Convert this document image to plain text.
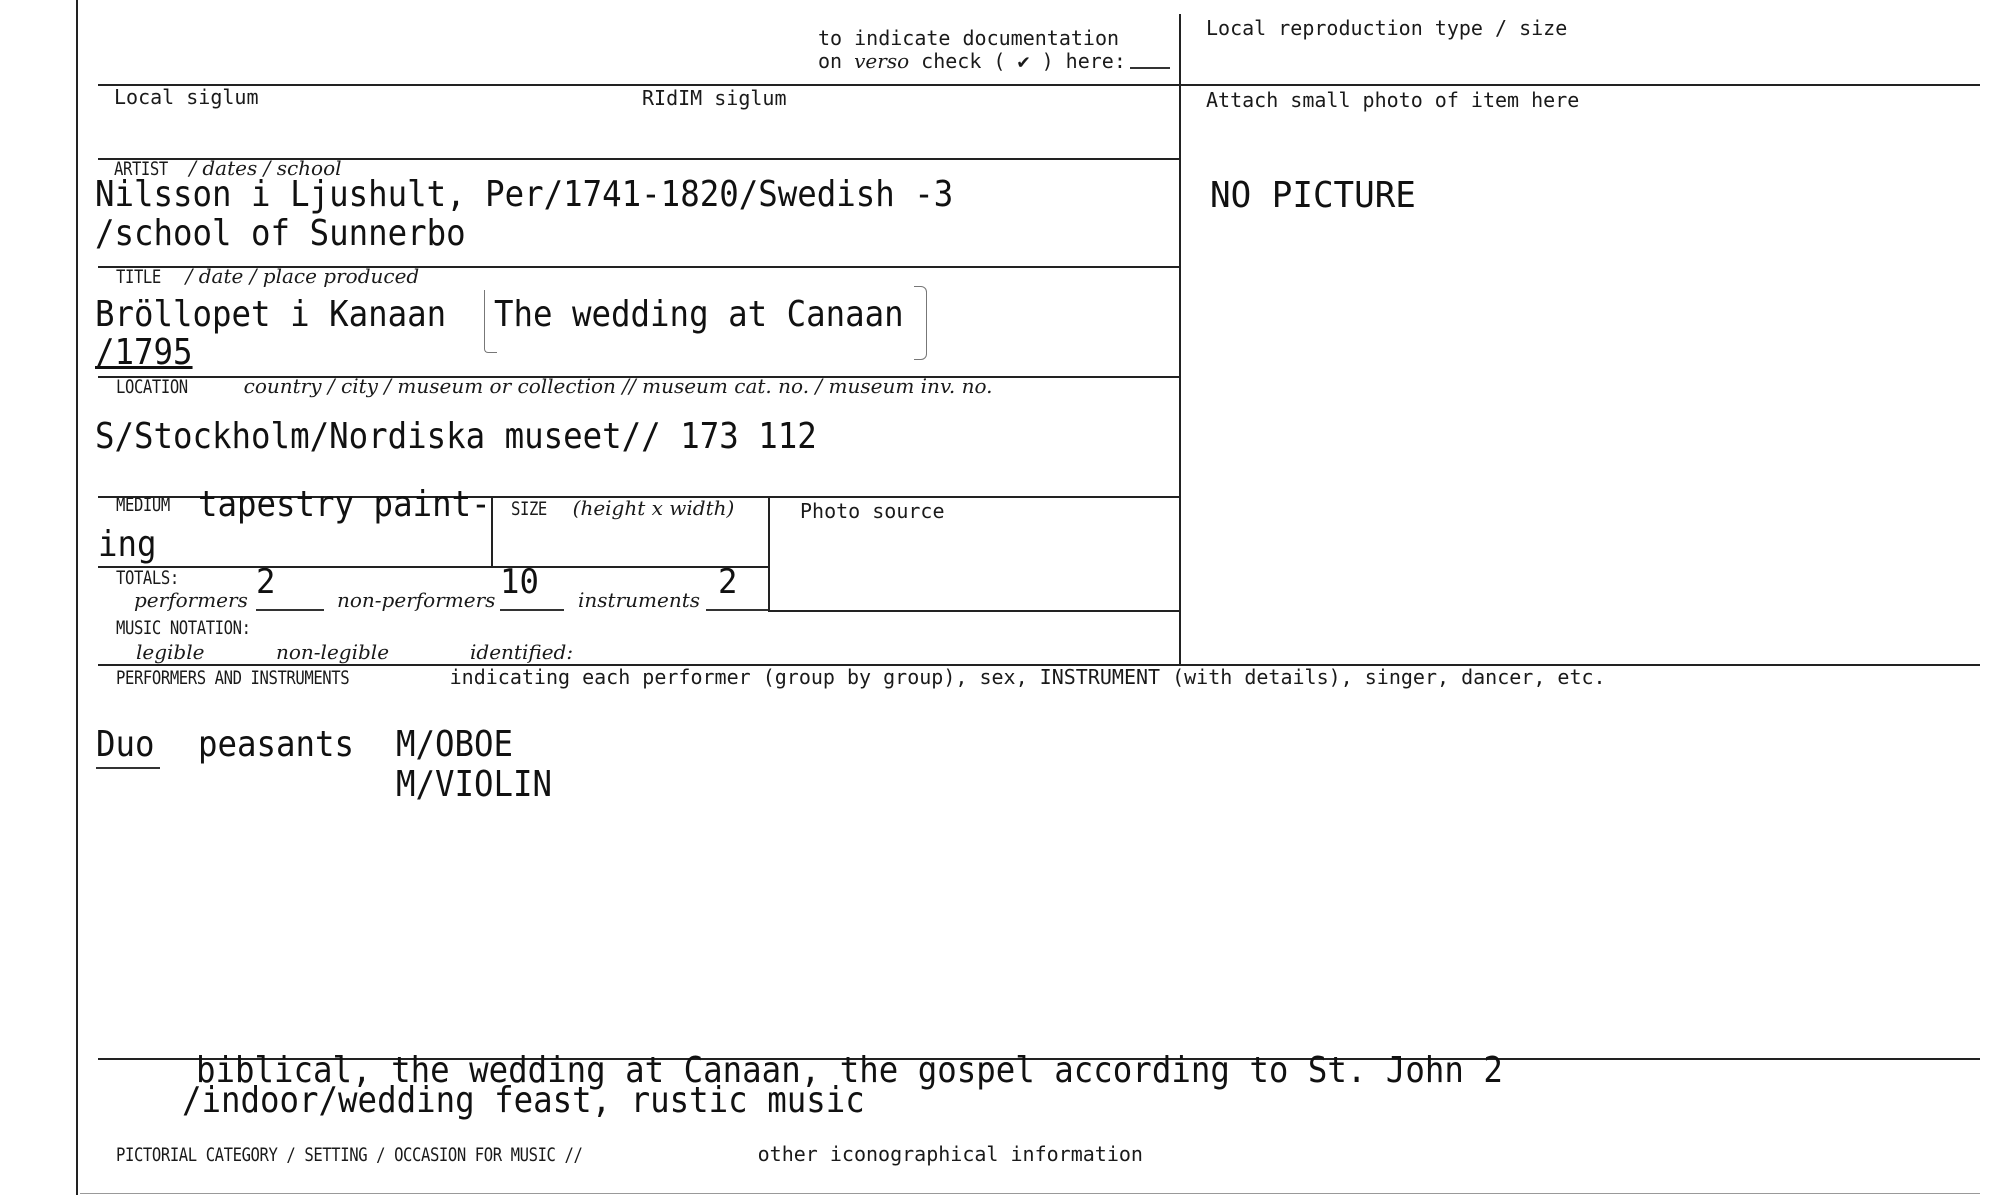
to indicate documentation
on verso check ( ✔ ) here:
Local reproduction type / size
Local siglum	RIdIM siglum	Attach small photo of item here
NO PICTURE
ARTIST / dates / school
Nilsson i Ljushult, Per/1741-1820/Swedish -3
/school of Sunnerbo
TITLE / date / place produced
Bröllopet i Kanaan The wedding at Canaan
/1795
LOCATION	country / city / museum or collection // museum cat. no. / museum inv. no.
S/Stockholm/Nordiska museet// 173 112
MEDIUM tapestry paint-
ing
SIZE (height x width)	Photo source
TOTALS:
performers 2	non-performers 10 instruments 2
MUSIC NOTATION:
legible	non-legible	identified:
PERFORMERS AND INSTRUMENTS	indicating each performer (group by group), sex, INSTRUMENT (with details), singer, dancer, etc.
Duo peasants M/OBOE
M/VIOLIN
biblical, the wedding at Canaan, the gospel according to St. John 2
/indoor/wedding feast, rustic music
PICTORIAL CATEGORY / SETTING / OCCASION FOR MUSIC //	other iconographical information
